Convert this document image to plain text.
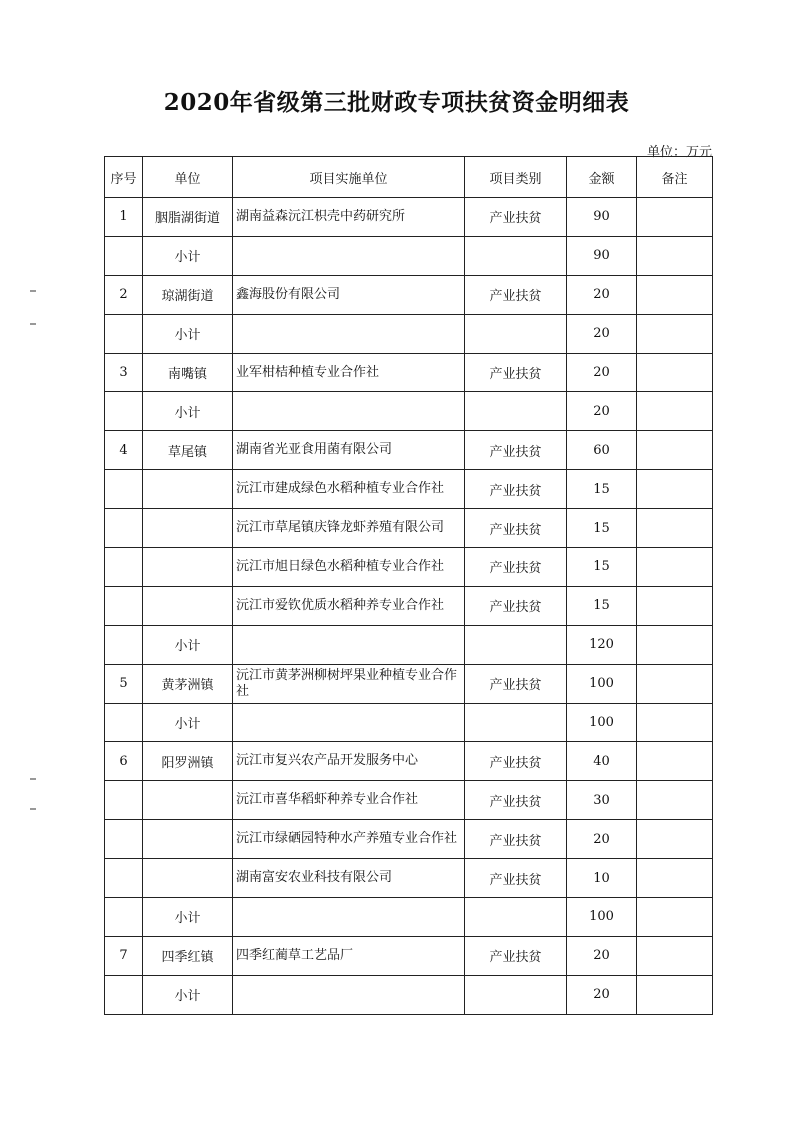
2020年省级第三批财政专项扶贫资金明细表
单位：万元
序号	单位	项目实施单位	项目类别	金额	备注
1	胭脂湖街道	湖南益森沅江枳壳中药研究所	产业扶贫	90	
	小计			90	
2	琼湖街道	鑫海股份有限公司	产业扶贫	20	
	小计			20	
3	南嘴镇	业军柑桔种植专业合作社	产业扶贫	20	
	小计			20	
4	草尾镇	湖南省光亚食用菌有限公司	产业扶贫	60	
		沅江市建成绿色水稻种植专业合作社	产业扶贫	15	
		沅江市草尾镇庆锋龙虾养殖有限公司	产业扶贫	15	
		沅江市旭日绿色水稻种植专业合作社	产业扶贫	15	
		沅江市爱钦优质水稻种养专业合作社	产业扶贫	15	
	小计			120	
5	黄茅洲镇	沅江市黄茅洲柳树坪果业种植专业合作社	产业扶贫	100	
	小计			100	
6	阳罗洲镇	沅江市复兴农产品开发服务中心	产业扶贫	40	
		沅江市喜华稻虾种养专业合作社	产业扶贫	30	
		沅江市绿硒园特种水产养殖专业合作社	产业扶贫	20	
		湖南富安农业科技有限公司	产业扶贫	10	
	小计			100	
7	四季红镇	四季红蔺草工艺品厂	产业扶贫	20	
	小计			20	
